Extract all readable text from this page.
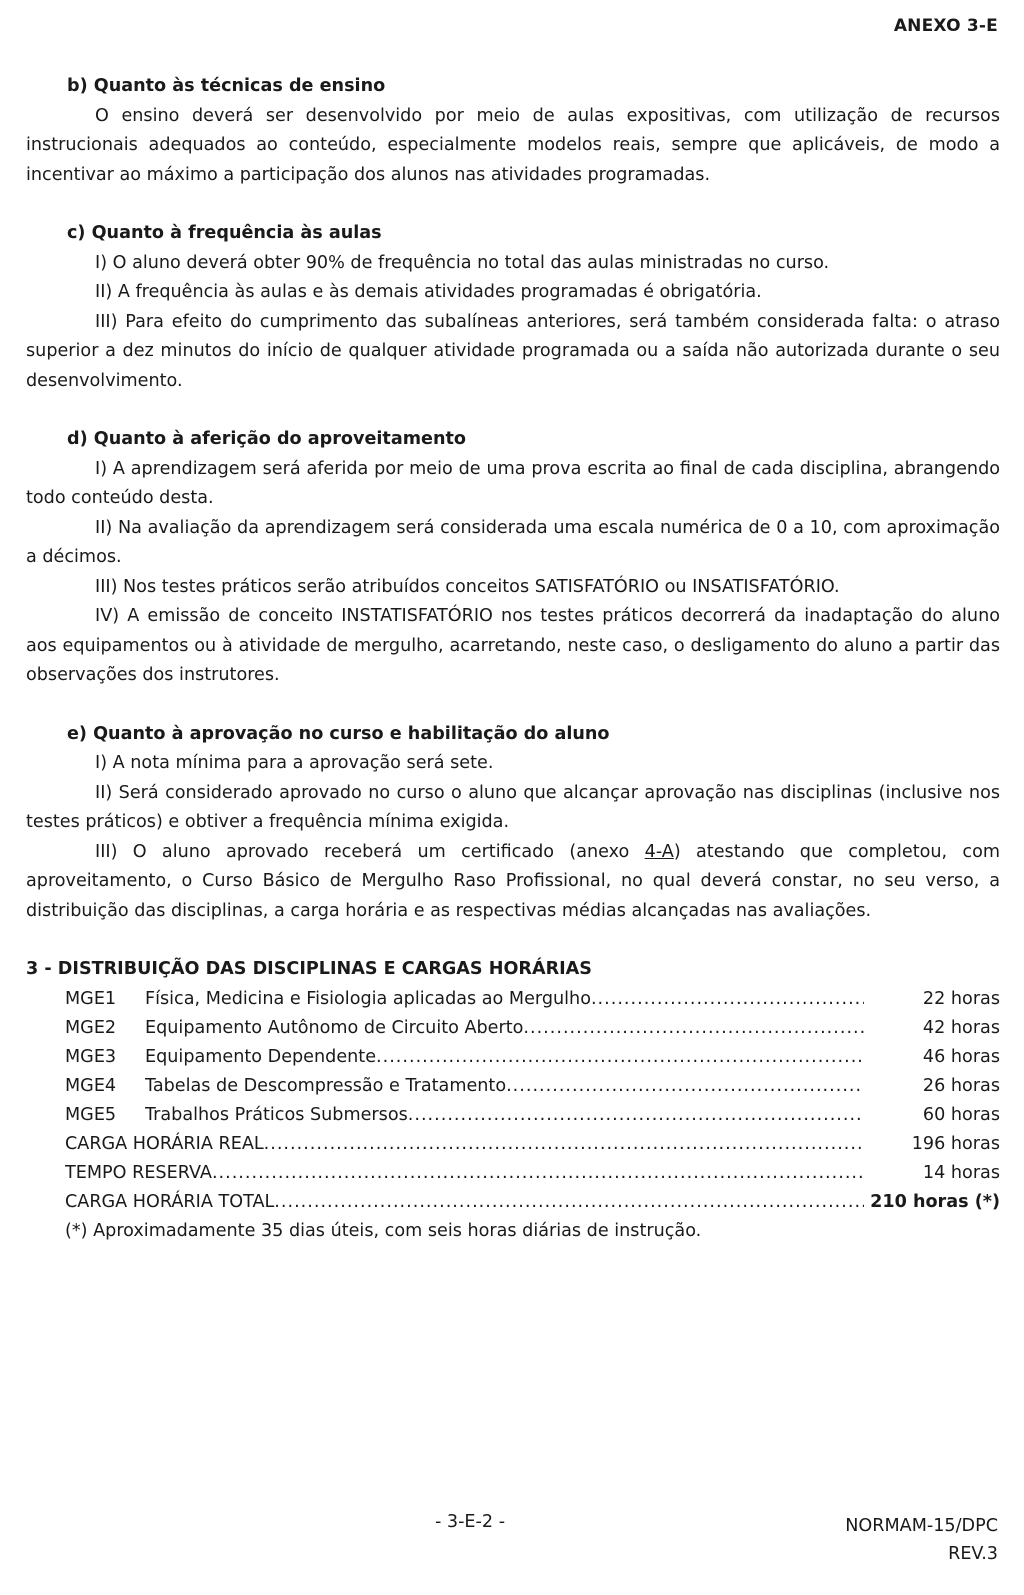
ANEXO 3-E
b) Quanto às técnicas de ensino

O ensino deverá ser desenvolvido por meio de aulas expositivas, com utilização de recursos instrucionais adequados ao conteúdo, especialmente modelos reais, sempre que aplicáveis, de modo a incentivar ao máximo a participação dos alunos nas atividades programadas.

c) Quanto à frequência às aulas

I) O aluno deverá obter 90% de frequência no total das aulas ministradas no curso.

II) A frequência às aulas e às demais atividades programadas é obrigatória.

III) Para efeito do cumprimento das subalíneas anteriores, será também considerada falta: o atraso superior a dez minutos do início de qualquer atividade programada ou a saída não autorizada durante o seu desenvolvimento.

d) Quanto à aferição do aproveitamento

I) A aprendizagem será aferida por meio de uma prova escrita ao final de cada disciplina, abrangendo todo conteúdo desta.

II) Na avaliação da aprendizagem será considerada uma escala numérica de 0 a 10, com aproximação a décimos.

III) Nos testes práticos serão atribuídos conceitos SATISFATÓRIO ou INSATISFATÓRIO.

IV) A emissão de conceito INSTATISFATÓRIO nos testes práticos decorrerá da inadaptação do aluno aos equipamentos ou à atividade de mergulho, acarretando, neste caso, o desligamento do aluno a partir das observações dos instrutores.

e) Quanto à aprovação no curso e habilitação do aluno

I) A nota mínima para a aprovação será sete.

II) Será considerado aprovado no curso o aluno que alcançar aprovação nas disciplinas (inclusive nos testes práticos) e obtiver a frequência mínima exigida.

III) O aluno aprovado receberá um certificado (anexo 4-A) atestando que completou, com aproveitamento, o Curso Básico de Mergulho Raso Profissional, no qual deverá constar, no seu verso, a distribuição das disciplinas, a carga horária e as respectivas médias alcançadas nas avaliações.

3 - DISTRIBUIÇÃO DAS DISCIPLINAS E CARGAS HORÁRIAS
MGE1	Física, Medicina e Fisiologia aplicadas ao Mergulho .....	22 horas
MGE2	Equipamento Autônomo de Circuito Aberto .....	42 horas
MGE3	Equipamento Dependente .....	46 horas
MGE4	Tabelas de Descompressão e Tratamento .....	26 horas
MGE5	Trabalhos Práticos Submersos .....	60 horas
CARGA HORÁRIA REAL .....	196 horas
TEMPO RESERVA .....	14 horas
CARGA HORÁRIA TOTAL .....	210 horas (*)
(*) Aproximadamente 35 dias úteis, com seis horas diárias de instrução.
- 3-E-2 -	NORMAM-15/DPC
REV.3
